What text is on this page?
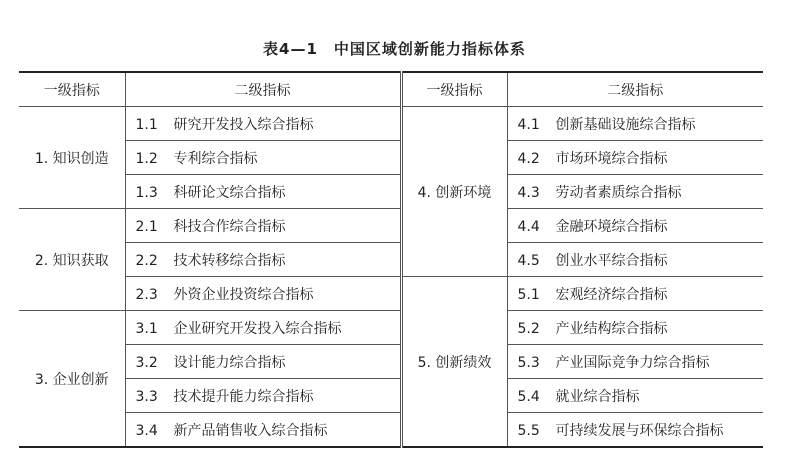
表4—1　中国区域创新能力指标体系
一级指标	二级指标	一级指标	二级指标
1. 知识创造	1.1 研究开发投入综合指标	4. 创新环境	4.1 创新基础设施综合指标
	1.2 专利综合指标		4.2 市场环境综合指标
	1.3 科研论文综合指标		4.3 劳动者素质综合指标
2. 知识获取	2.1 科技合作综合指标		4.4 金融环境综合指标
	2.2 技术转移综合指标		4.5 创业水平综合指标
	2.3 外资企业投资综合指标	5. 创新绩效	5.1 宏观经济综合指标
3. 企业创新	3.1 企业研究开发投入综合指标		5.2 产业结构综合指标
	3.2 设计能力综合指标		5.3 产业国际竞争力综合指标
	3.3 技术提升能力综合指标		5.4 就业综合指标
	3.4 新产品销售收入综合指标		5.5 可持续发展与环保综合指标
